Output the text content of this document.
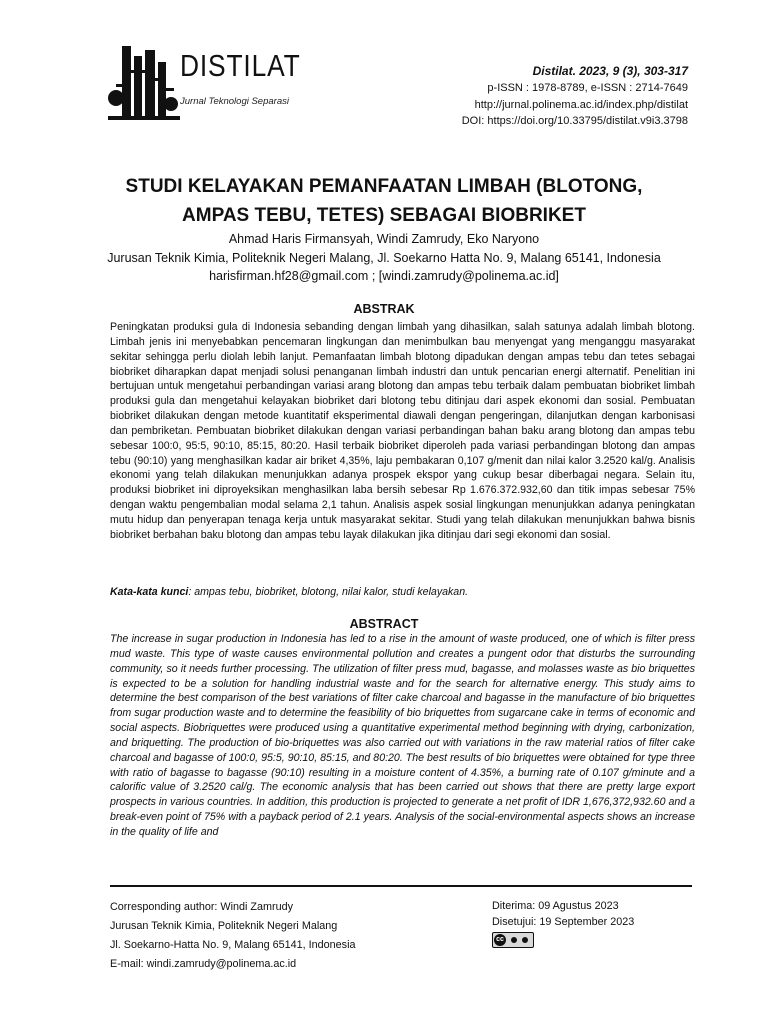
DISTILAT
Jurnal Teknologi Separasi
Distilat. 2023, 9 (3), 303-317
p-ISSN : 1978-8789, e-ISSN : 2714-7649
http://jurnal.polinema.ac.id/index.php/distilat
DOI: https://doi.org/10.33795/distilat.v9i3.3798
STUDI KELAYAKAN PEMANFAATAN LIMBAH (BLOTONG,
AMPAS TEBU, TETES) SEBAGAI BIOBRIKET
Ahmad Haris Firmansyah, Windi Zamrudy, Eko Naryono
Jurusan Teknik Kimia, Politeknik Negeri Malang, Jl. Soekarno Hatta No. 9, Malang 65141, Indonesia
harisfirman.hf28@gmail.com ; [windi.zamrudy@polinema.ac.id]
ABSTRAK
Peningkatan produksi gula di Indonesia sebanding dengan limbah yang dihasilkan, salah satunya adalah limbah blotong. Limbah jenis ini menyebabkan pencemaran lingkungan dan menimbulkan bau menyengat yang menganggu masyarakat sekitar sehingga perlu diolah lebih lanjut. Pemanfaatan limbah blotong dipadukan dengan ampas tebu dan tetes sebagai biobriket diharapkan dapat menjadi solusi penanganan limbah industri dan untuk pencarian energi alternatif. Penelitian ini bertujuan untuk mengetahui perbandingan variasi arang blotong dan ampas tebu terbaik dalam pembuatan biobriket limbah produksi gula dan mengetahui kelayakan biobriket dari blotong tebu ditinjau dari aspek ekonomi dan sosial. Pembuatan biobriket dilakukan dengan metode kuantitatif eksperimental diawali dengan pengeringan, dilanjutkan dengan karbonisasi dan pembriketan. Pembuatan biobriket dilakukan dengan variasi perbandingan bahan baku arang blotong dan ampas tebu sebesar 100:0, 95:5, 90:10, 85:15, 80:20. Hasil terbaik biobriket diperoleh pada variasi perbandingan blotong dan ampas tebu (90:10) yang menghasilkan kadar air briket 4,35%, laju pembakaran 0,107 g/menit dan nilai kalor 3.2520 kal/g. Analisis ekonomi yang telah dilakukan menunjukkan adanya prospek ekspor yang cukup besar diberbagai negara. Selain itu, produksi biobriket ini diproyeksikan menghasilkan laba bersih sebesar Rp 1.676.372.932,60 dan titik impas sebesar 75% dengan waktu pengembalian modal selama 2,1 tahun. Analisis aspek sosial lingkungan menunjukkan adanya peningkatan mutu hidup dan penyerapan tenaga kerja untuk masyarakat sekitar. Studi yang telah dilakukan menunjukkan bahwa bisnis biobriket berbahan baku blotong dan ampas tebu layak dilakukan jika ditinjau dari segi ekonomi dan sosial.
Kata-kata kunci: ampas tebu, biobriket, blotong, nilai kalor, studi kelayakan.
ABSTRACT
The increase in sugar production in Indonesia has led to a rise in the amount of waste produced, one of which is filter press mud waste. This type of waste causes environmental pollution and creates a pungent odor that disturbs the surrounding community, so it needs further processing. The utilization of filter press mud, bagasse, and molasses waste as bio briquettes is expected to be a solution for handling industrial waste and for the search for alternative energy. This study aims to determine the best comparison of the best variations of filter cake charcoal and bagasse in the manufacture of bio briquettes from sugar production waste and to determine the feasibility of bio briquettes from sugarcane cake in terms of economic and social aspects. Biobriquettes were produced using a quantitative experimental method beginning with drying, carbonization, and briquetting. The production of bio-briquettes was also carried out with variations in the raw material ratios of filter cake charcoal and bagasse of 100:0, 95:5, 90:10, 85:15, and 80:20. The best results of bio briquettes were obtained for type three with ratio of bagasse to bagasse (90:10) resulting in a moisture content of 4.35%, a burning rate of 0.107 g/minute and a calorific value of 3.2520 cal/g. The economic analysis that has been carried out shows that there are pretty large export prospects in various countries. In addition, this production is projected to generate a net profit of IDR 1,676,372,932.60 and a break-even point of 75% with a payback period of 2.1 years. Analysis of the social-environmental aspects shows an increase in the quality of life and
Corresponding author: Windi Zamrudy
Jurusan Teknik Kimia, Politeknik Negeri Malang
Jl. Soekarno-Hatta No. 9, Malang 65141, Indonesia
E-mail: windi.zamrudy@polinema.ac.id
Diterima: 09 Agustus 2023
Disetujui: 19 September 2023
cc
